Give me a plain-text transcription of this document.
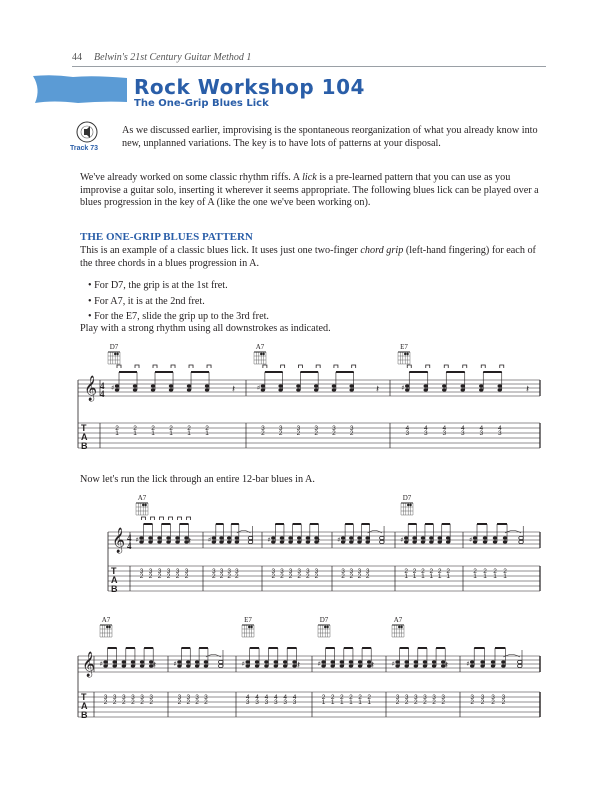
44 Belwin's 21st Century Guitar Method 1
Rock Workshop 104
The One-Grip Blues Lick
Track 73
As we discussed earlier, improvising is the spontaneous reorganization of what you already know into new, unplanned variations. The key is to have lots of patterns at your disposal.
We've already worked on some classic rhythm riffs. A lick is a pre-learned pattern that you can use as you improvise a guitar solo, inserting it wherever it seems appropriate. The following blues lick can be played over a blues progression in the key of A (like the one we've been working on).
THE ONE-GRIP BLUES PATTERN
This is an example of a classic blues lick. It uses just one two-finger chord grip (left-hand fingering) for each of the three chords in a blues progression in A.
• For D7, the grip is at the 1st fret.
• For A7, it is at the 2nd fret.
• For the E7, slide the grip up to the 3rd fret.
Play with a strong rhythm using all downstrokes as indicated.
Now let's run the lick through an entire 12-bar blues in A.
T
A
B
𝄞 4
4
D7
♯
2
1
2
1
2
1
2
1
2
1
2
1
𝄽
A7
♯
3
2
3
2
3
2
3
2
3
2
3
2
𝄽
E7
♯
4
3
4
3
4
3
4
3
4
3
4
3
𝄽
T
A
B
𝄞 4
4
♯
3
2
3
2
3
2
3
2
3
2
3
2
𝄽 ♯
3
2
3
2
3
2
3
2
♯
3
2
3
2
3
2
3
2
3
2
3
2
𝄽 ♯
3
2
3
2
3
2
3
2
♯
2
1
2
1
2
1
2
1
2
1
2
1
𝄽	♯
2
1
2
1
2
1
2
1
A7	D7
T
A
B
𝄞 ♯
3
2
3
2
3
2
3
2
3
2
3
2
𝄽 ♯
3
2
3
2
3
2
3
2
♯
4
3
4
3
4
3
4
3
4
3
4
3
𝄽	♯
2
1
2
1
2
1
2
1
2
1
2
1
𝄽	♯
3
2
3
2
3
2
3
2
3
2
3
2
𝄽	♯
3
2
3
2
3
2
3
2
A7	E7	D7	A7
